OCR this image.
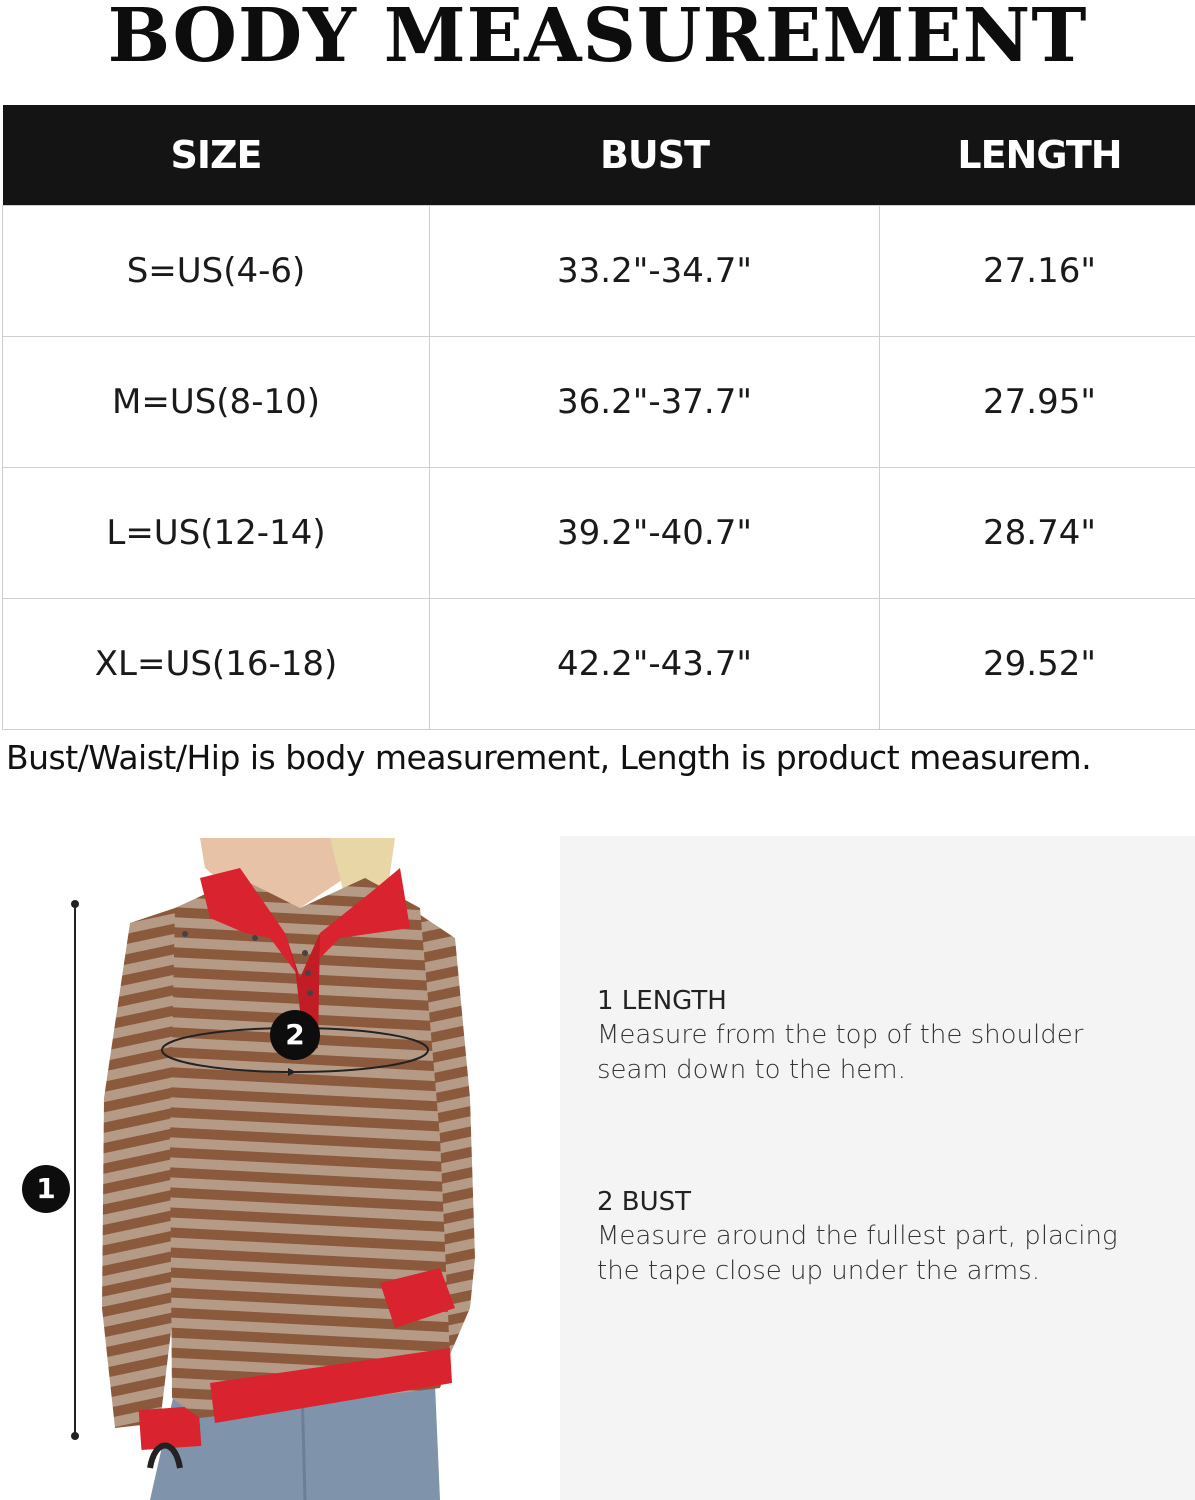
BODY MEASUREMENT
SIZE	BUST	LENGTH
S=US(4-6)	33.2"-34.7"	27.16"
M=US(8-10)	36.2"-37.7"	27.95"
L=US(12-14)	39.2"-40.7"	28.74"
XL=US(16-18)	42.2"-43.7"	29.52"
Bust/Waist/Hip is body measurement, Length is product measurem.
1
2
1 LENGTH
Measure from the top of the shoulder
seam down to the hem.
2 BUST
Measure around the fullest part, placing
the tape close up under the arms.
